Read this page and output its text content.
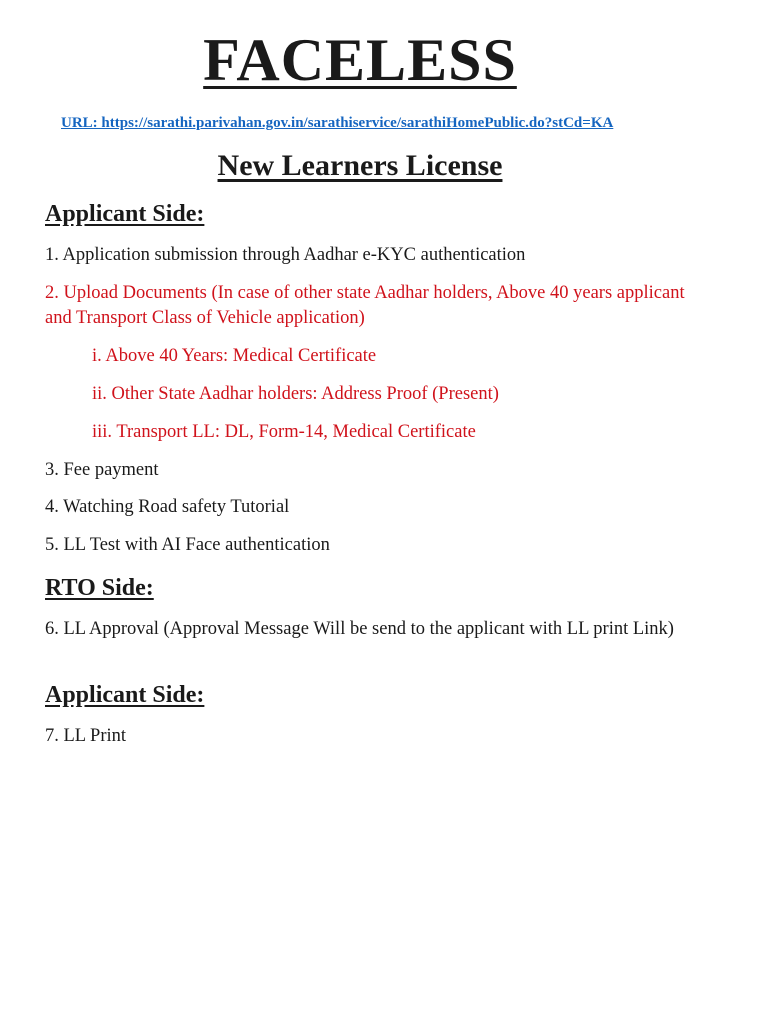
FACELESS
URL: https://sarathi.parivahan.gov.in/sarathiservice/sarathiHomePublic.do?stCd=KA
New Learners License
Applicant Side:

1. Application submission through Aadhar e-KYC authentication

2. Upload Documents (In case of other state Aadhar holders, Above 40 years applicant and Transport Class of Vehicle application)

i. Above 40 Years: Medical Certificate

ii. Other State Aadhar holders: Address Proof (Present)

iii. Transport LL: DL, Form-14, Medical Certificate

3. Fee payment

4. Watching Road safety Tutorial

5. LL Test with AI Face authentication

RTO Side:

6. LL Approval (Approval Message Will be send to the applicant with LL print Link)

Applicant Side:

7. LL Print
